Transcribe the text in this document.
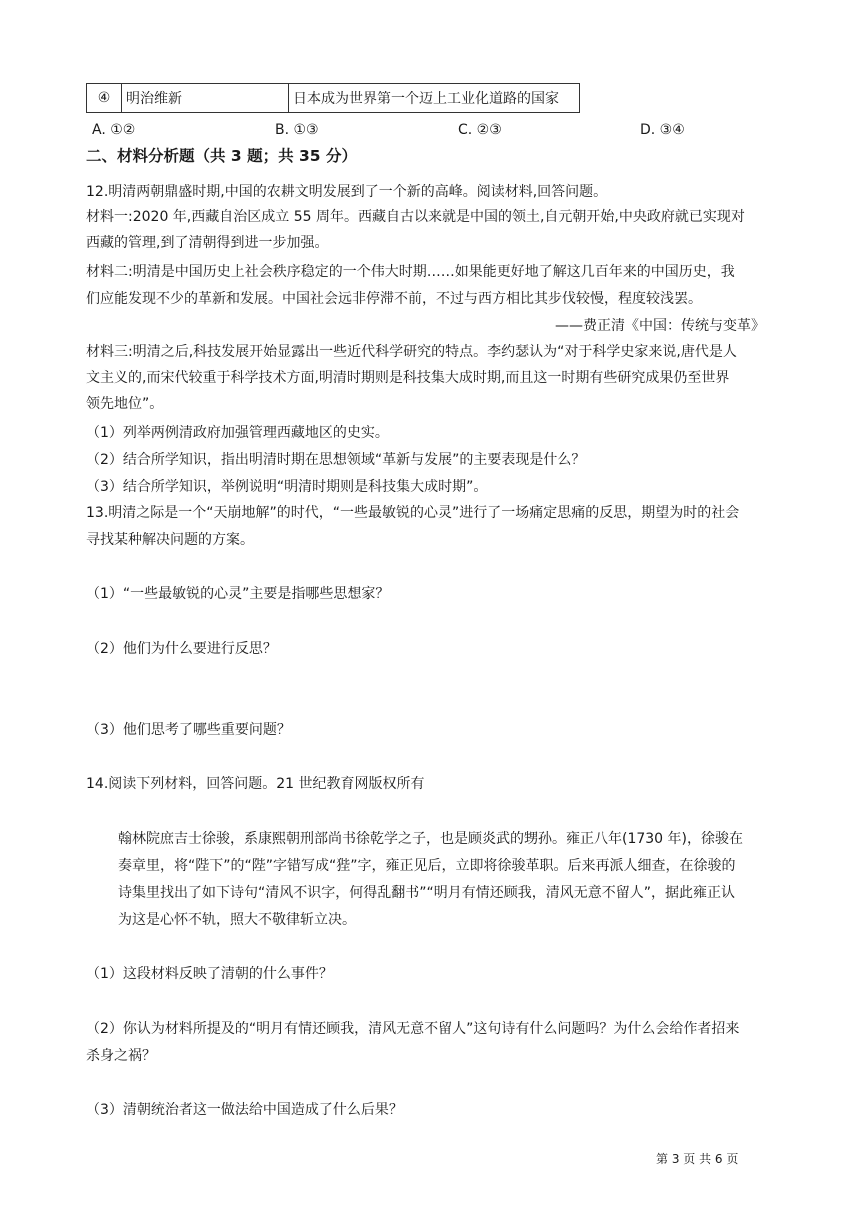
④	明治维新	日本成为世界第一个迈上工业化道路的国家
A. ①②	B. ①③	C. ②③	D. ③④
二、材料分析题（共 3 题；共 35 分）
12.明清两朝鼎盛时期,中国的农耕文明发展到了一个新的高峰。阅读材料,回答问题。
材料一:2020 年,西藏自治区成立 55 周年。西藏自古以来就是中国的领土,自元朝开始,中央政府就已实现对
西藏的管理,到了清朝得到进一步加强。
材料二:明清是中国历史上社会秩序稳定的一个伟大时期……如果能更好地了解这几百年来的中国历史，我
们应能发现不少的革新和发展。中国社会远非停滞不前，不过与西方相比其步伐较慢，程度较浅罢。
——费正清《中国：传统与变革》
材料三:明清之后,科技发展开始显露出一些近代科学研究的特点。李约瑟认为“对于科学史家来说,唐代是人
文主义的,而宋代较重于科学技术方面,明清时期则是科技集大成时期,而且这一时期有些研究成果仍至世界
领先地位”。
（1）列举两例清政府加强管理西藏地区的史实。
（2）结合所学知识，指出明清时期在思想领域“革新与发展”的主要表现是什么？
（3）结合所学知识，举例说明“明清时期则是科技集大成时期”。
13.明清之际是一个“天崩地解”的时代，“一些最敏锐的心灵”进行了一场痛定思痛的反思，期望为时的社会
寻找某种解决问题的方案。
（1）“一些最敏锐的心灵”主要是指哪些思想家？
（2）他们为什么要进行反思？
（3）他们思考了哪些重要问题？
14.阅读下列材料，回答问题。21 世纪教育网版权所有
翰林院庶吉士徐骏，系康熙朝刑部尚书徐乾学之子，也是顾炎武的甥孙。雍正八年(1730 年)，徐骏在
奏章里，将“陛下”的“陛”字错写成“狴”字，雍正见后，立即将徐骏革职。后来再派人细查，在徐骏的
诗集里找出了如下诗句“清风不识字，何得乱翻书”“明月有情还顾我，清风无意不留人”，据此雍正认
为这是心怀不轨，照大不敬律斩立决。
（1）这段材料反映了清朝的什么事件？
（2）你认为材料所提及的“明月有情还顾我，清风无意不留人”这句诗有什么问题吗？为什么会给作者招来
杀身之祸？
（3）清朝统治者这一做法给中国造成了什么后果？
第 3 页 共 6 页
